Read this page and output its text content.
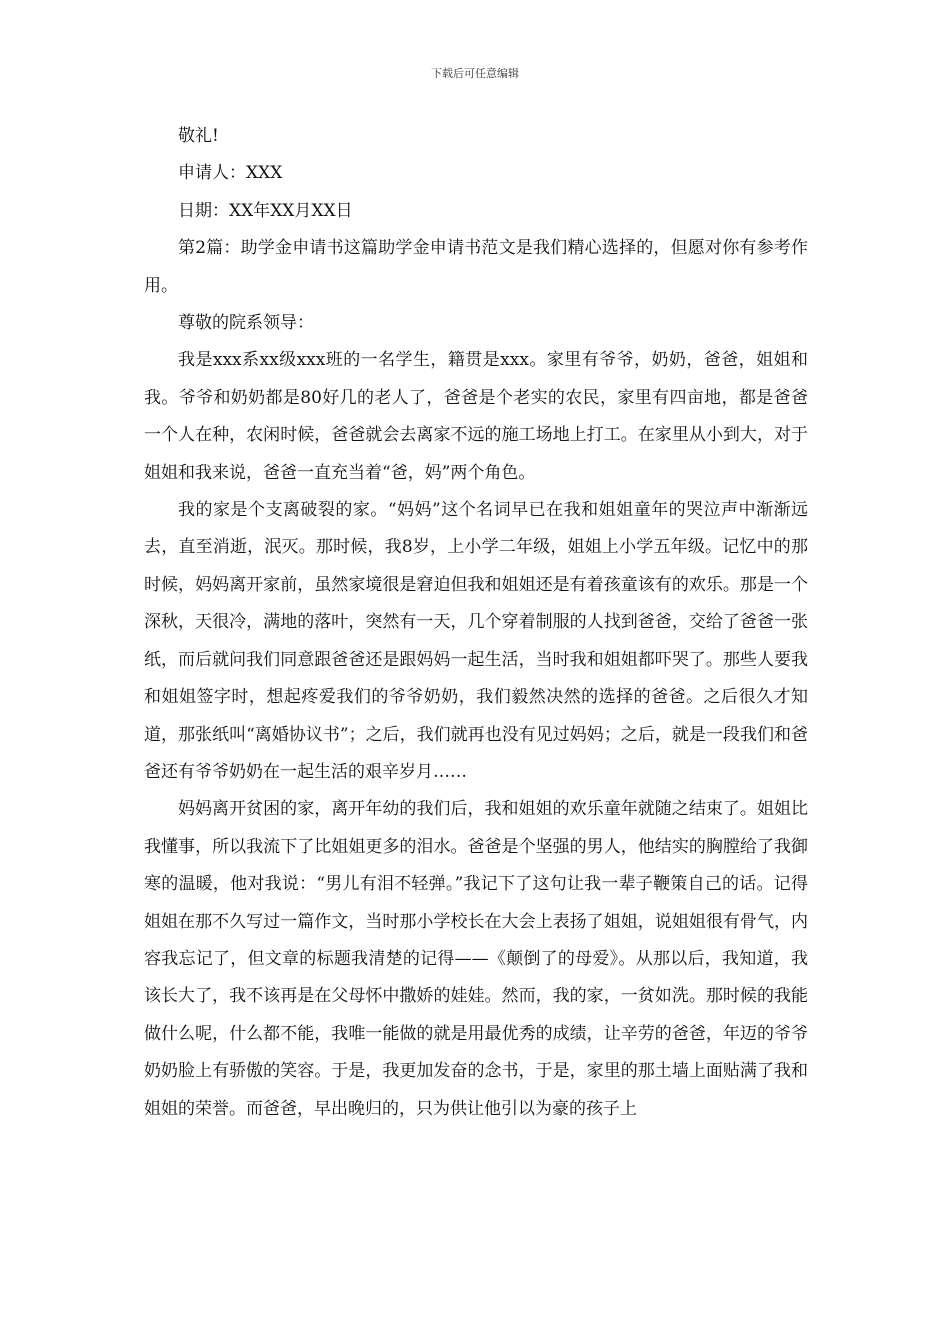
下载后可任意编辑

敬礼!

申请人：XXX

日期：XX年XX月XX日

第2篇：助学金申请书这篇助学金申请书范文是我们精心选择的，但愿对你有参考作用。

尊敬的院系领导：

我是xxx系xx级xxx班的一名学生，籍贯是xxx。家里有爷爷，奶奶，爸爸，姐姐和我。爷爷和奶奶都是80好几的老人了，爸爸是个老实的农民，家里有四亩地，都是爸爸一个人在种，农闲时候，爸爸就会去离家不远的施工场地上打工。在家里从小到大，对于姐姐和我来说，爸爸一直充当着“爸，妈”两个角色。

我的家是个支离破裂的家。“妈妈”这个名词早已在我和姐姐童年的哭泣声中渐渐远去，直至消逝，泯灭。那时候，我8岁，上小学二年级，姐姐上小学五年级。记忆中的那时候，妈妈离开家前，虽然家境很是窘迫但我和姐姐还是有着孩童该有的欢乐。那是一个深秋，天很冷，满地的落叶，突然有一天，几个穿着制服的人找到爸爸，交给了爸爸一张纸，而后就问我们同意跟爸爸还是跟妈妈一起生活，当时我和姐姐都吓哭了。那些人要我和姐姐签字时，想起疼爱我们的爷爷奶奶，我们毅然决然的选择的爸爸。之后很久才知道，那张纸叫“离婚协议书”；之后，我们就再也没有见过妈妈；之后，就是一段我们和爸爸还有爷爷奶奶在一起生活的艰辛岁月……

妈妈离开贫困的家，离开年幼的我们后，我和姐姐的欢乐童年就随之结束了。姐姐比我懂事，所以我流下了比姐姐更多的泪水。爸爸是个坚强的男人，他结实的胸膛给了我御寒的温暖，他对我说：“男儿有泪不轻弹。”我记下了这句让我一辈子鞭策自己的话。记得姐姐在那不久写过一篇作文，当时那小学校长在大会上表扬了姐姐，说姐姐很有骨气，内容我忘记了，但文章的标题我清楚的记得——《颠倒了的母爱》。从那以后，我知道，我该长大了，我不该再是在父母怀中撒娇的娃娃。然而，我的家，一贫如洗。那时候的我能做什么呢，什么都不能，我唯一能做的就是用最优秀的成绩，让辛劳的爸爸，年迈的爷爷奶奶脸上有骄傲的笑容。于是，我更加发奋的念书，于是，家里的那土墙上面贴满了我和姐姐的荣誉。而爸爸，早出晚归的，只为供让他引以为豪的孩子上
